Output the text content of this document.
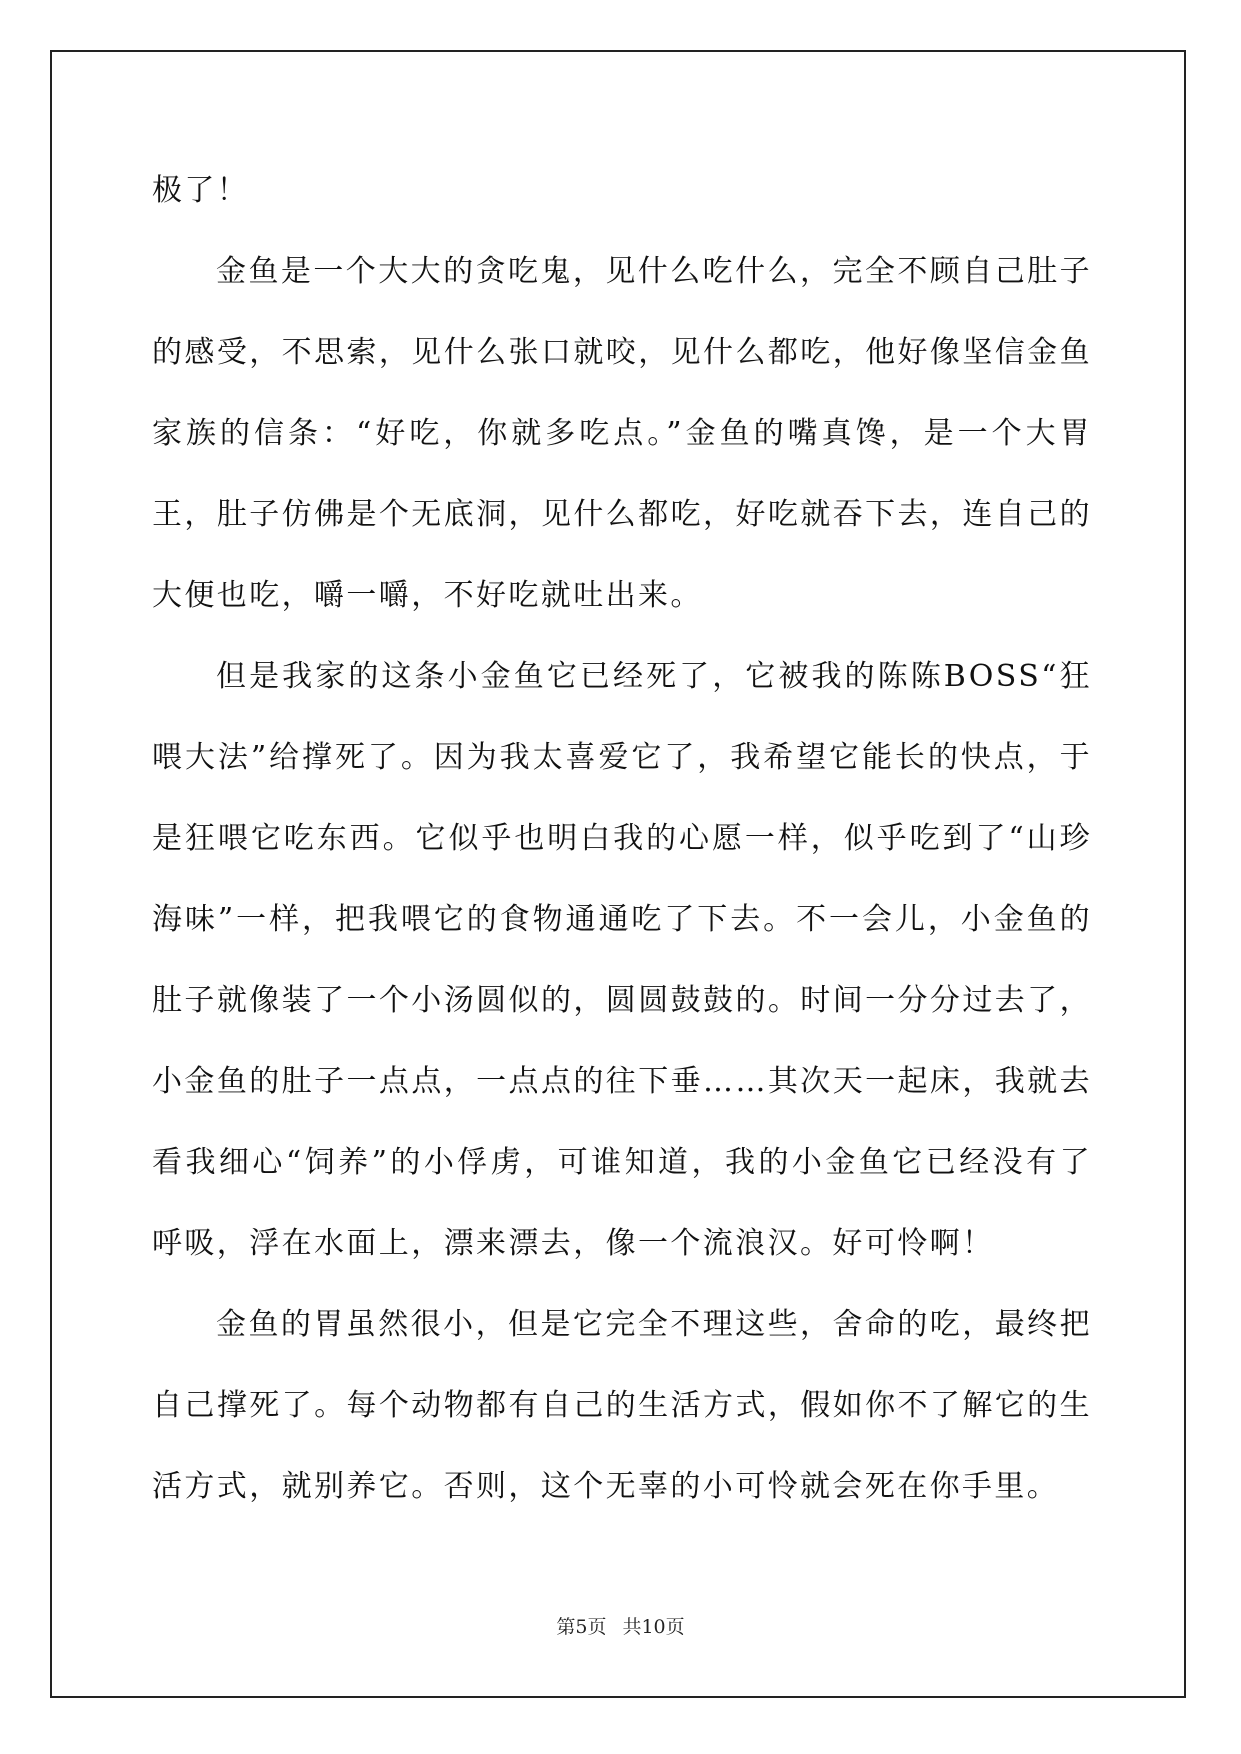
极了！

金鱼是一个大大的贪吃鬼，见什么吃什么，完全不顾自己肚子的感受，不思索，见什么张口就咬，见什么都吃，他好像坚信金鱼家族的信条：“好吃，你就多吃点。”金鱼的嘴真馋，是一个大胃王，肚子仿佛是个无底洞，见什么都吃，好吃就吞下去，连自己的大便也吃，嚼一嚼，不好吃就吐出来。

但是我家的这条小金鱼它已经死了，它被我的陈陈BOSS“狂喂大法”给撑死了。因为我太喜爱它了，我希望它能长的快点，于是狂喂它吃东西。它似乎也明白我的心愿一样，似乎吃到了“山珍海味”一样，把我喂它的食物通通吃了下去。不一会儿，小金鱼的肚子就像装了一个小汤圆似的，圆圆鼓鼓的。时间一分分过去了，小金鱼的肚子一点点，一点点的往下垂……其次天一起床，我就去看我细心“饲养”的小俘虏，可谁知道，我的小金鱼它已经没有了呼吸，浮在水面上，漂来漂去，像一个流浪汉。好可怜啊！

金鱼的胃虽然很小，但是它完全不理这些，舍命的吃，最终把自己撑死了。每个动物都有自己的生活方式，假如你不了解它的生活方式，就别养它。否则，这个无辜的小可怜就会死在你手里。

第5页 共10页
